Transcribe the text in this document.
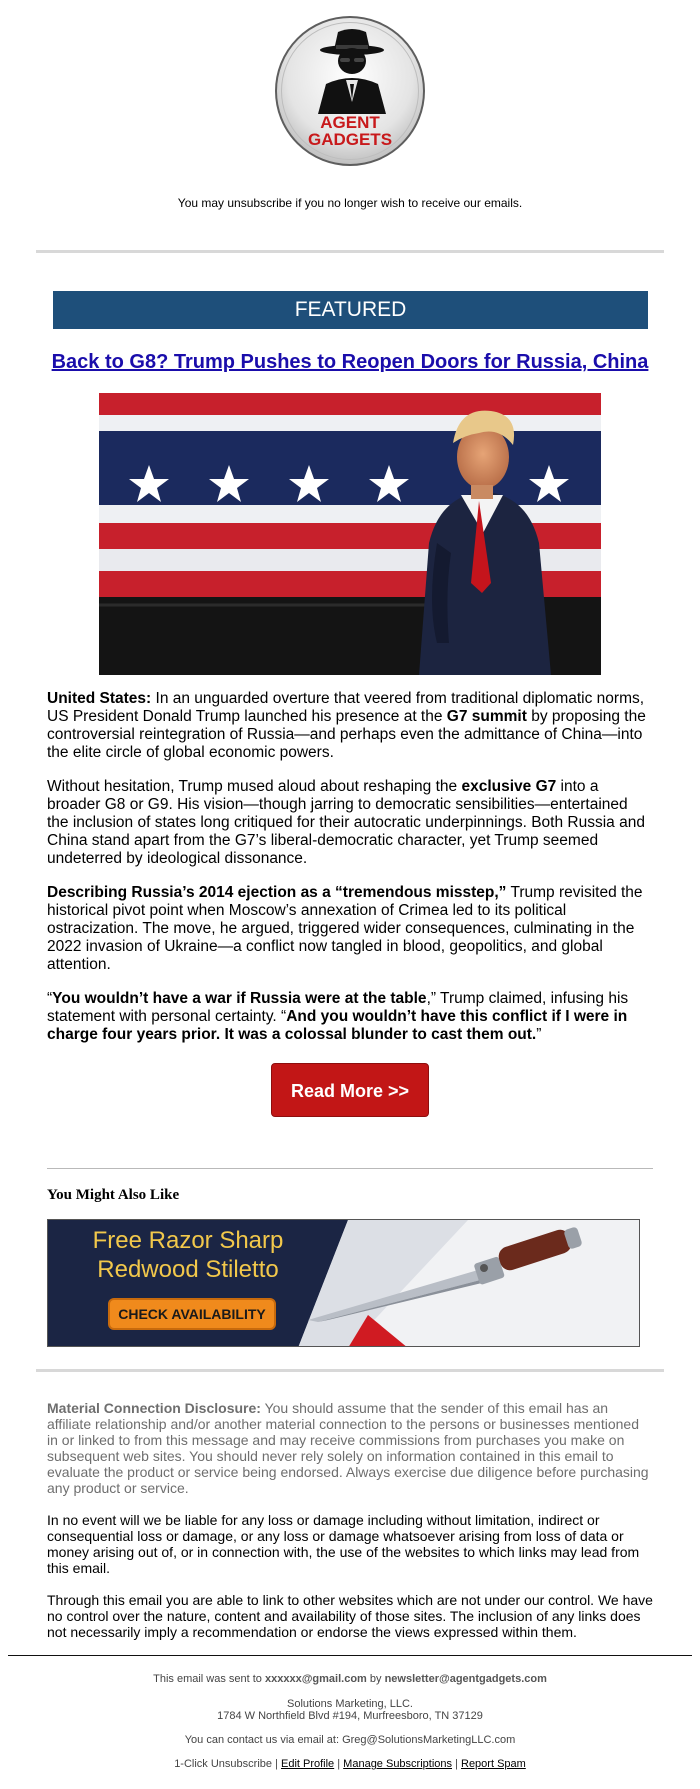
AGENT
GADGETS
You may unsubscribe if you no longer wish to receive our emails.
FEATURED
Back to G8? Trump Pushes to Reopen Doors for Russia, China

United States: In an unguarded overture that veered from traditional diplomatic norms, US President Donald Trump launched his presence at the G7 summit by proposing the controversial reintegration of Russia—and perhaps even the admittance of China—into the elite circle of global economic powers.

Without hesitation, Trump mused aloud about reshaping the exclusive G7 into a broader G8 or G9. His vision—though jarring to democratic sensibilities—entertained the inclusion of states long critiqued for their autocratic underpinnings. Both Russia and China stand apart from the G7’s liberal-democratic character, yet Trump seemed undeterred by ideological dissonance.

Describing Russia’s 2014 ejection as a “tremendous misstep,” Trump revisited the historical pivot point when Moscow’s annexation of Crimea led to its political ostracization. The move, he argued, triggered wider consequences, culminating in the 2022 invasion of Ukraine—a conflict now tangled in blood, geopolitics, and global attention.

“You wouldn’t have a war if Russia were at the table,” Trump claimed, infusing his statement with personal certainty. “And you wouldn’t have this conflict if I were in charge four years prior. It was a colossal blunder to cast them out.”

Read More >>
You Might Also Like
Free Razor Sharp
Redwood Stiletto
CHECK AVAILABILITY
Material Connection Disclosure: You should assume that the sender of this email has an affiliate relationship and/or another material connection to the persons or businesses mentioned in or linked to from this message and may receive commissions from purchases you make on subsequent web sites. You should never rely solely on information contained in this email to evaluate the product or service being endorsed. Always exercise due diligence before purchasing any product or service.

In no event will we be liable for any loss or damage including without limitation, indirect or consequential loss or damage, or any loss or damage whatsoever arising from loss of data or money arising out of, or in connection with, the use of the websites to which links may lead from this email.

Through this email you are able to link to other websites which are not under our control. We have no control over the nature, content and availability of those sites. The inclusion of any links does not necessarily imply a recommendation or endorse the views expressed within them.

This email was sent to xxxxxx@gmail.com by newsletter@agentgadgets.com

Solutions Marketing, LLC.

1784 W Northfield Blvd #194, Murfreesboro, TN 37129

You can contact us via email at: Greg@SolutionsMarketingLLC.com

1-Click Unsubscribe | Edit Profile | Manage Subscriptions | Report Spam
